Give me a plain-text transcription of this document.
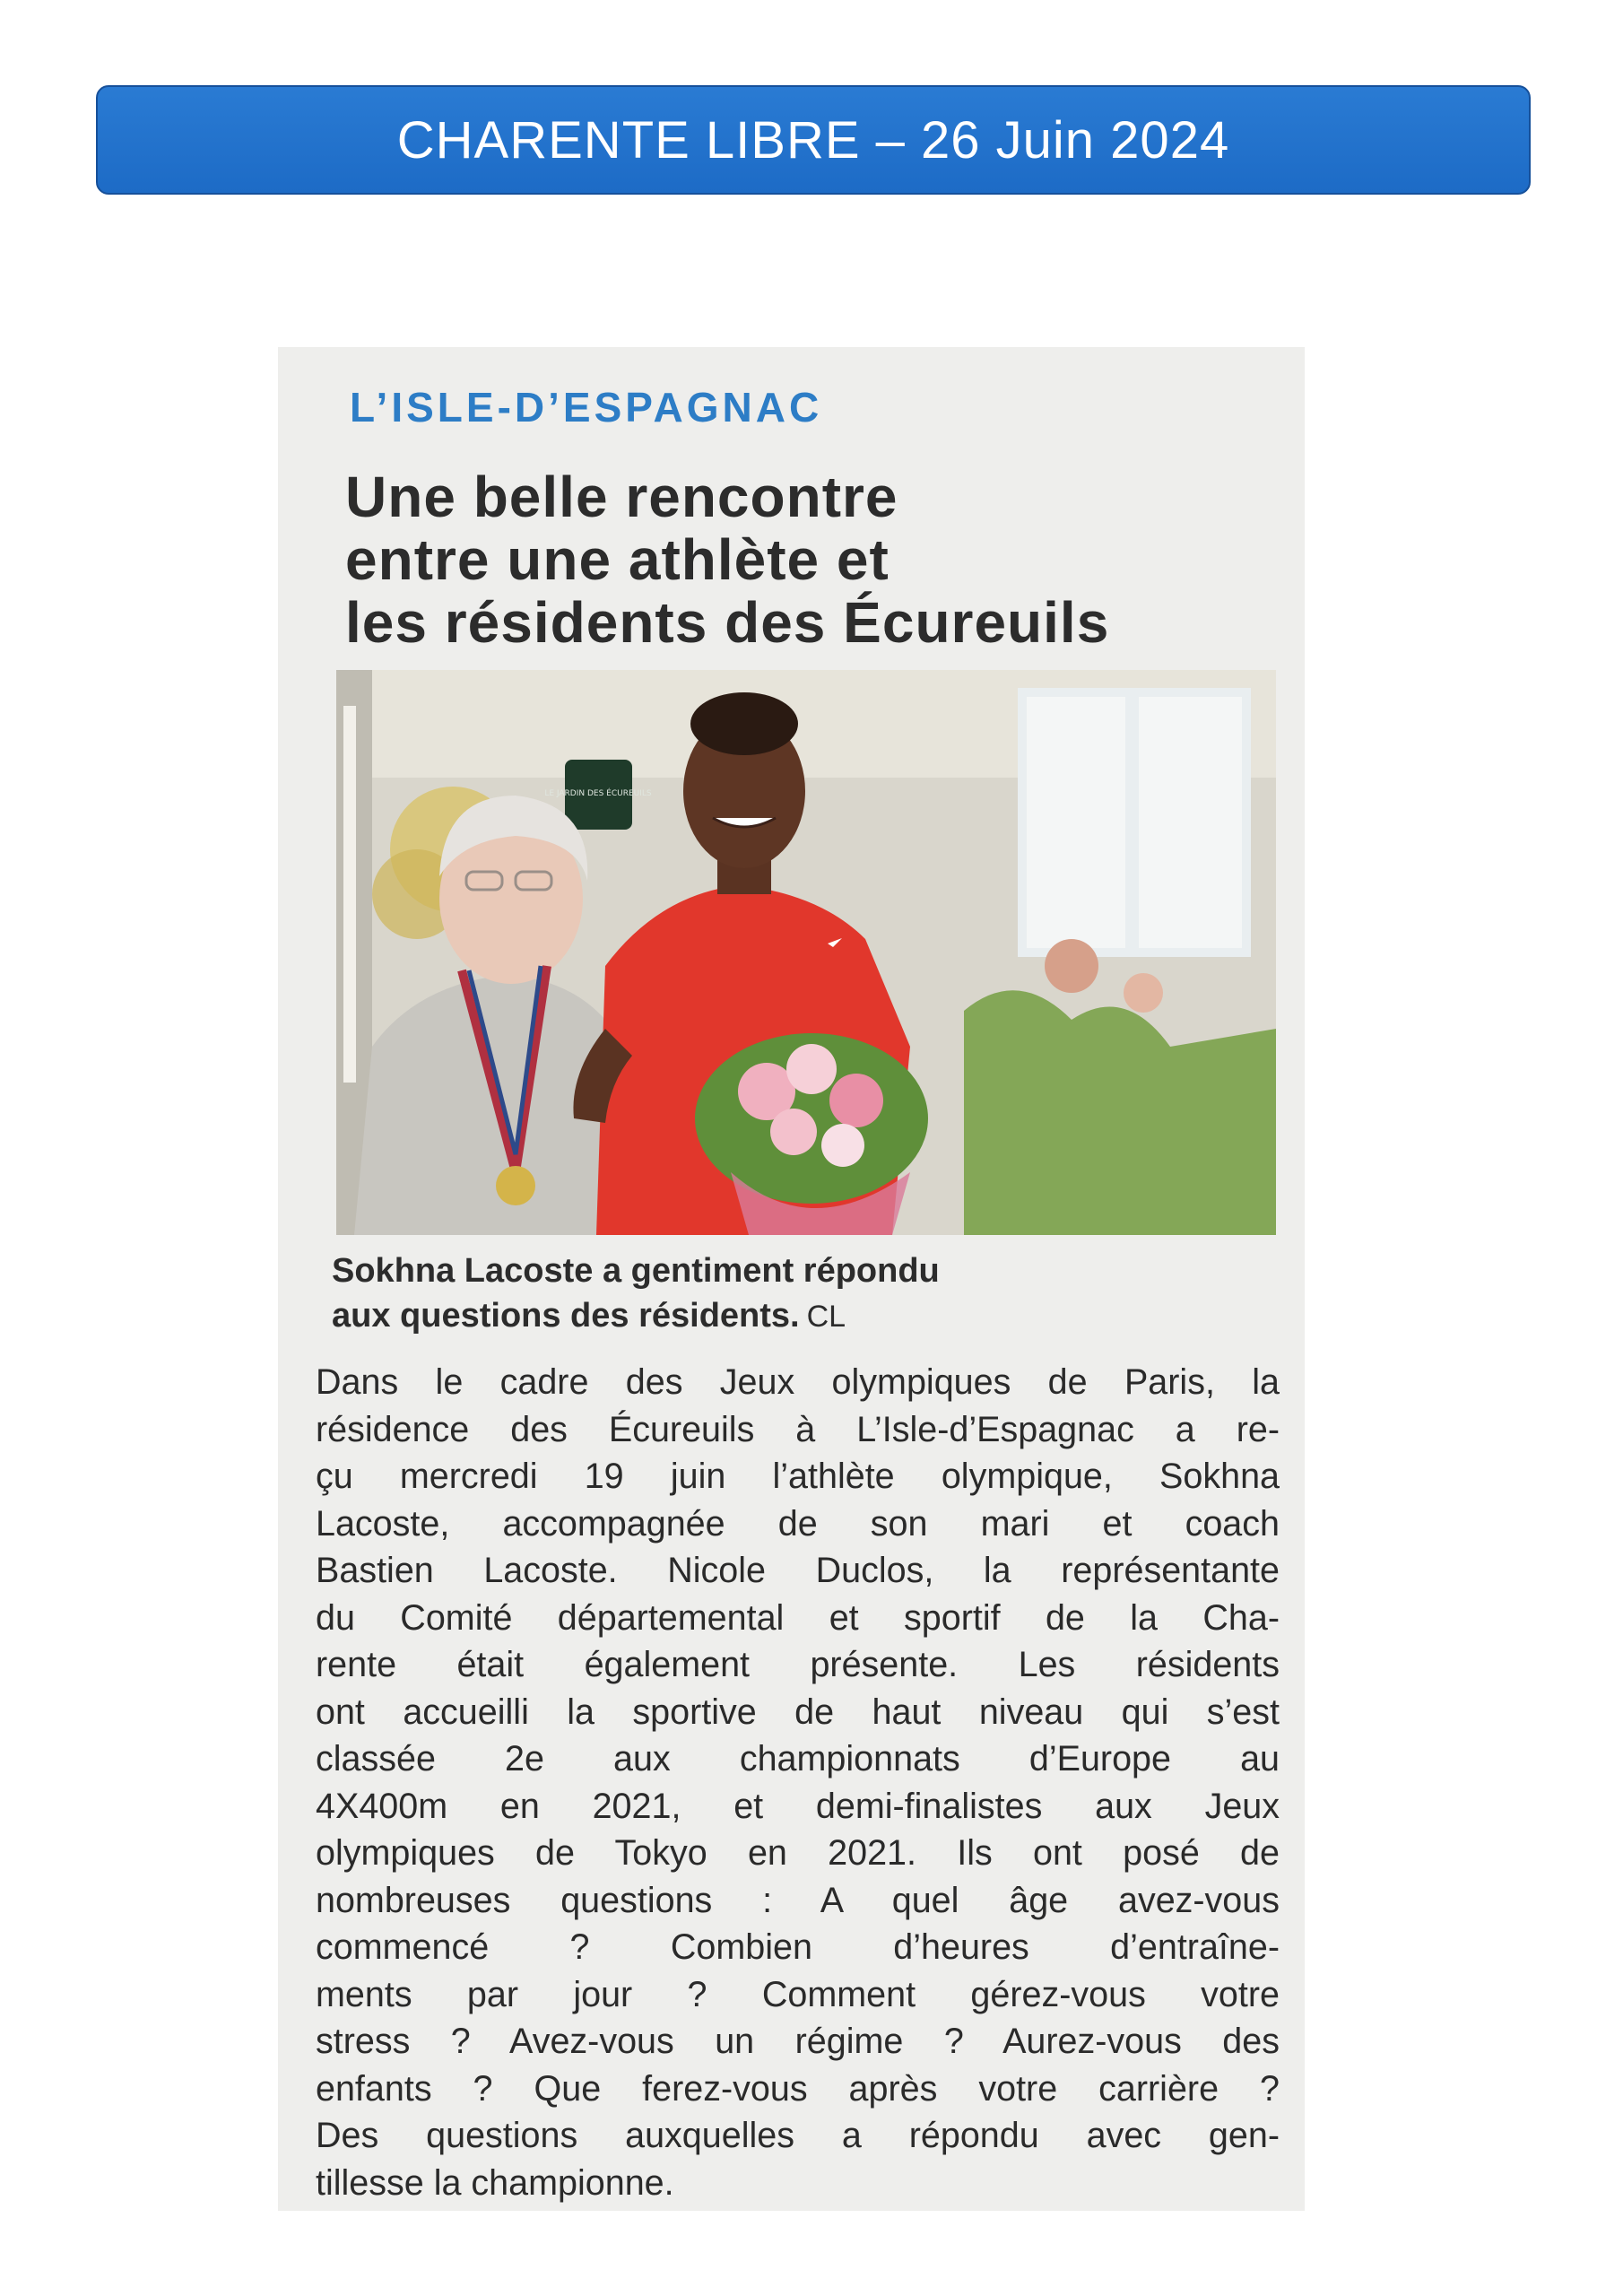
CHARENTE LIBRE – 26 Juin 2024
L’ISLE-D’ESPAGNAC
Une belle rencontre
entre une athlète et
les résidents des Écureuils
LE JARDIN DES ÉCUREUILS
Sokhna Lacoste a gentiment répondu
aux questions des résidents. CL
Dans le cadre des Jeux olympiques de Paris, la
résidence des Écureuils à L’Isle-d’Espagnac a re-
çu mercredi 19 juin l’athlète olympique, Sokhna
Lacoste, accompagnée de son mari et coach
Bastien Lacoste. Nicole Duclos, la représentante
du Comité départemental et sportif de la Cha-
rente était également présente. Les résidents
ont accueilli la sportive de haut niveau qui s’est
classée 2e aux championnats d’Europe au
4X400m en 2021, et demi-finalistes aux Jeux
olympiques de Tokyo en 2021. Ils ont posé de
nombreuses questions : A quel âge avez-vous
commencé ? Combien d’heures d’entraîne-
ments par jour ? Comment gérez-vous votre
stress ? Avez-vous un régime ? Aurez-vous des
enfants ? Que ferez-vous après votre carrière ?
Des questions auxquelles a répondu avec gen-
tillesse la championne.
